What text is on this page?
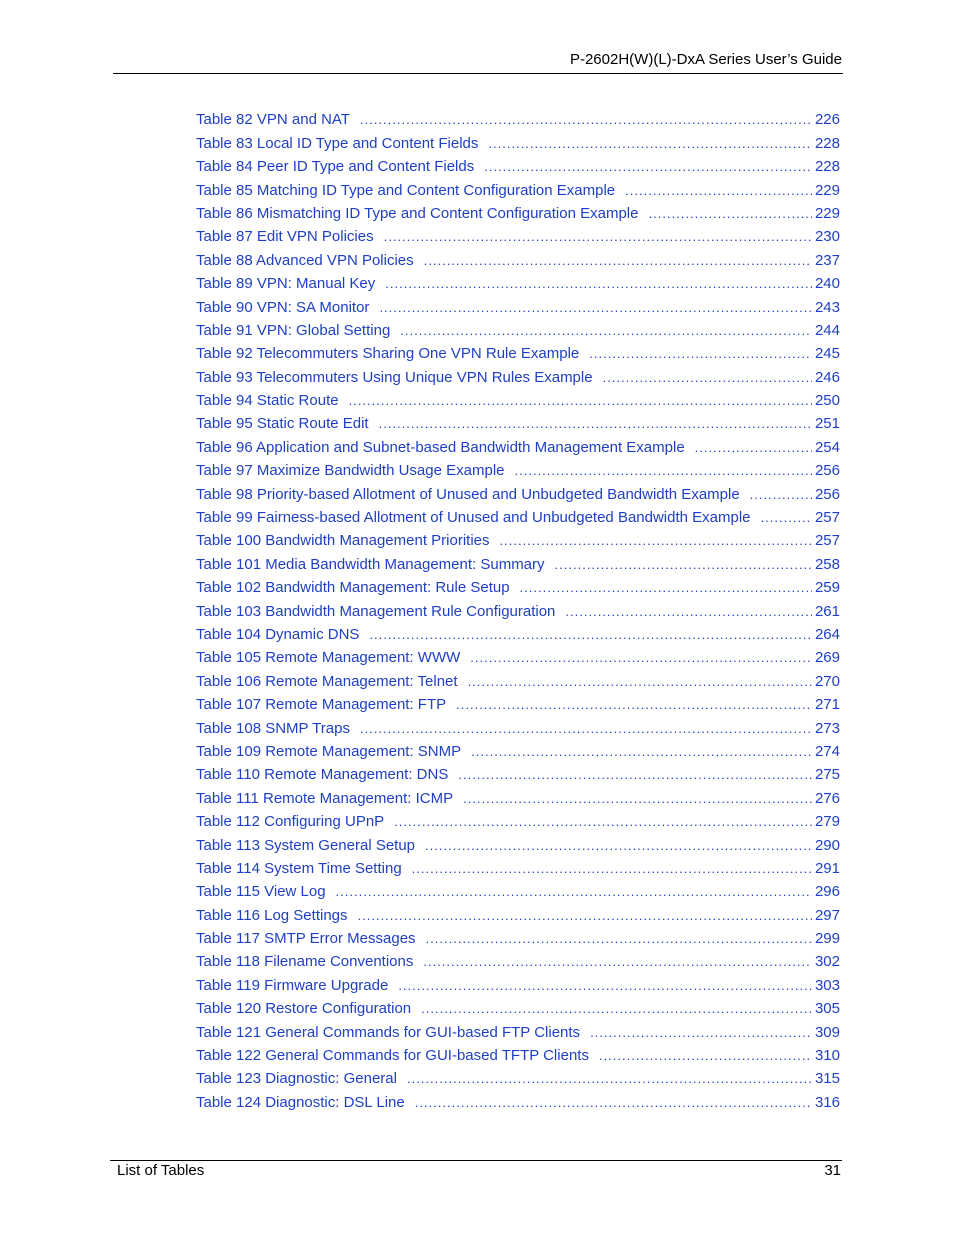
P-2602H(W)(L)-DxA Series User’s Guide
Table 82 VPN and NAT .....	226
Table 83 Local ID Type and Content Fields .....	228
Table 84 Peer ID Type and Content Fields .....	228
Table 85 Matching ID Type and Content Configuration Example .....	229
Table 86 Mismatching ID Type and Content Configuration Example .....	229
Table 87 Edit VPN Policies .....	230
Table 88 Advanced VPN Policies .....	237
Table 89 VPN: Manual Key .....	240
Table 90 VPN: SA Monitor .....	243
Table 91 VPN: Global Setting .....	244
Table 92 Telecommuters Sharing One VPN Rule Example .....	245
Table 93 Telecommuters Using Unique VPN Rules Example .....	246
Table 94 Static Route .....	250
Table 95 Static Route Edit .....	251
Table 96 Application and Subnet-based Bandwidth Management Example .....	254
Table 97 Maximize Bandwidth Usage Example .....	256
Table 98 Priority-based Allotment of Unused and Unbudgeted Bandwidth Example .....	256
Table 99 Fairness-based Allotment of Unused and Unbudgeted Bandwidth Example .....	257
Table 100 Bandwidth Management Priorities .....	257
Table 101 Media Bandwidth Management: Summary .....	258
Table 102 Bandwidth Management: Rule Setup .....	259
Table 103 Bandwidth Management Rule Configuration .....	261
Table 104 Dynamic DNS .....	264
Table 105 Remote Management: WWW .....	269
Table 106 Remote Management: Telnet .....	270
Table 107 Remote Management: FTP .....	271
Table 108 SNMP Traps .....	273
Table 109 Remote Management: SNMP .....	274
Table 110 Remote Management: DNS .....	275
Table 111 Remote Management: ICMP .....	276
Table 112 Configuring UPnP .....	279
Table 113 System General Setup .....	290
Table 114 System Time Setting .....	291
Table 115 View Log .....	296
Table 116 Log Settings .....	297
Table 117 SMTP Error Messages .....	299
Table 118 Filename Conventions .....	302
Table 119 Firmware Upgrade .....	303
Table 120 Restore Configuration .....	305
Table 121 General Commands for GUI-based FTP Clients .....	309
Table 122 General Commands for GUI-based TFTP Clients .....	310
Table 123 Diagnostic: General .....	315
Table 124 Diagnostic: DSL Line .....	316
List of Tables	31
